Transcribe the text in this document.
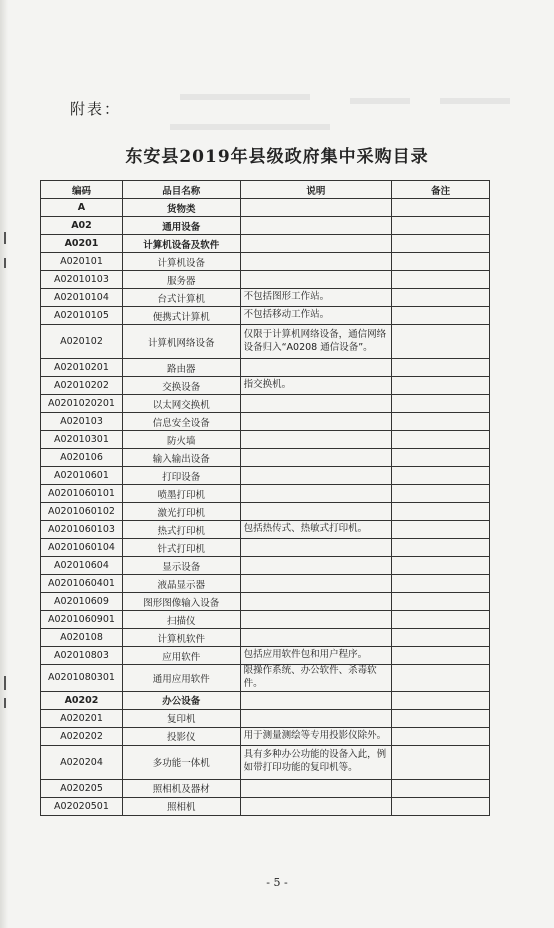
附表：
东安县2019年县级政府集中采购目录
编码	品目名称	说明	备注
A	货物类		
A02	通用设备		
A0201	计算机设备及软件		
A020101	计算机设备		
A02010103	服务器		
A02010104	台式计算机	不包括图形工作站。	
A02010105	便携式计算机	不包括移动工作站。	
A020102	计算机网络设备	仅限于计算机网络设备，通信网络设备归入“A0208 通信设备”。	
A02010201	路由器		
A02010202	交换设备	指交换机。	
A0201020201	以太网交换机		
A020103	信息安全设备		
A02010301	防火墙		
A020106	输入输出设备		
A02010601	打印设备		
A0201060101	喷墨打印机		
A0201060102	激光打印机		
A0201060103	热式打印机	包括热传式、热敏式打印机。	
A0201060104	针式打印机		
A02010604	显示设备		
A0201060401	液晶显示器		
A02010609	图形图像输入设备		
A0201060901	扫描仪		
A020108	计算机软件		
A02010803	应用软件	包括应用软件包和用户程序。	
A0201080301	通用应用软件	限操作系统、办公软件、杀毒软件。	
A0202	办公设备		
A020201	复印机		
A020202	投影仪	用于测量测绘等专用投影仪除外。	
A020204	多功能一体机	具有多种办公功能的设备入此，例如带打印功能的复印机等。	
A020205	照相机及器材		
A02020501	照相机		
- 5 -
